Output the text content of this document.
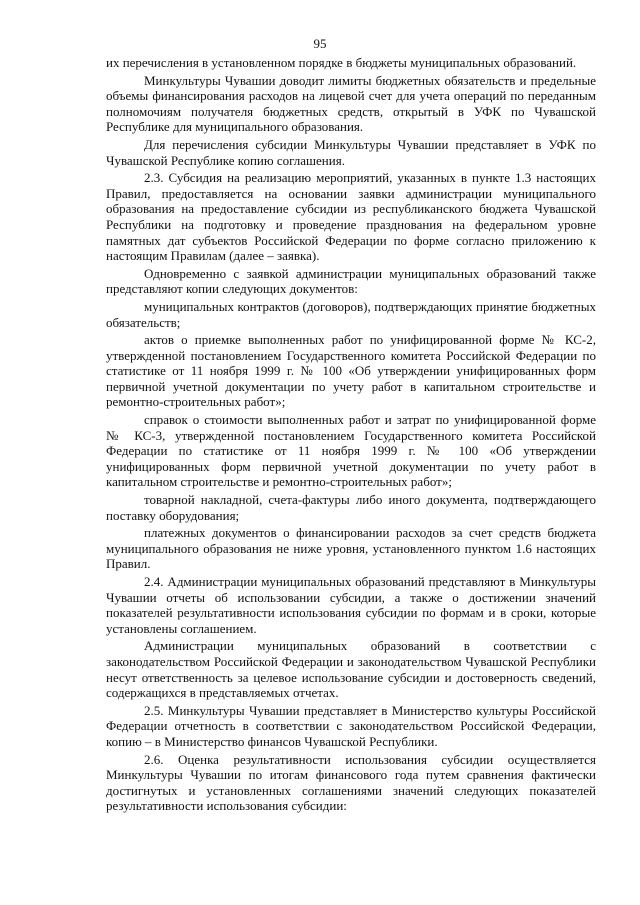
95

их перечисления в установленном порядке в бюджеты муниципальных образований.

Минкультуры Чувашии доводит лимиты бюджетных обязательств и предельные объемы финансирования расходов на лицевой счет для учета операций по переданным полномочиям получателя бюджетных средств, открытый в УФК по Чувашской Республике для муниципального образования.

Для перечисления субсидии Минкультуры Чувашии представляет в УФК по Чувашской Республике копию соглашения.

2.3. Субсидия на реализацию мероприятий, указанных в пункте 1.3 настоящих Правил, предоставляется на основании заявки администрации муниципального образования на предоставление субсидии из республиканского бюджета Чувашской Республики на подготовку и проведение празднования на федеральном уровне памятных дат субъектов Российской Федерации по форме согласно приложению к настоящим Правилам (далее – заявка).

Одновременно с заявкой администрации муниципальных образований также представляют копии следующих документов:

муниципальных контрактов (договоров), подтверждающих принятие бюджетных обязательств;

актов о приемке выполненных работ по унифицированной форме № КС-2, утвержденной постановлением Государственного комитета Российской Федерации по статистике от 11 ноября 1999 г. № 100 «Об утверждении унифицированных форм первичной учетной документации по учету работ в капитальном строительстве и ремонтно-строительных работ»;

справок о стоимости выполненных работ и затрат по унифицированной форме № КС-3, утвержденной постановлением Государственного комитета Российской Федерации по статистике от 11 ноября 1999 г. № 100 «Об утверждении унифицированных форм первичной учетной документации по учету работ в капитальном строительстве и ремонтно-строительных работ»;

товарной накладной, счета-фактуры либо иного документа, подтверждающего поставку оборудования;

платежных документов о финансировании расходов за счет средств бюджета муниципального образования не ниже уровня, установленного пунктом 1.6 настоящих Правил.

2.4. Администрации муниципальных образований представляют в Минкультуры Чувашии отчеты об использовании субсидии, а также о достижении значений показателей результативности использования субсидии по формам и в сроки, которые установлены соглашением.

Администрации муниципальных образований в соответствии с законодательством Российской Федерации и законодательством Чувашской Республики несут ответственность за целевое использование субсидии и достоверность сведений, содержащихся в представляемых отчетах.

2.5. Минкультуры Чувашии представляет в Министерство культуры Российской Федерации отчетность в соответствии с законодательством Российской Федерации, копию – в Министерство финансов Чувашской Республики.

2.6. Оценка результативности использования субсидии осуществляется Минкультуры Чувашии по итогам финансового года путем сравнения фактически достигнутых и установленных соглашениями значений следующих показателей результативности использования субсидии:
